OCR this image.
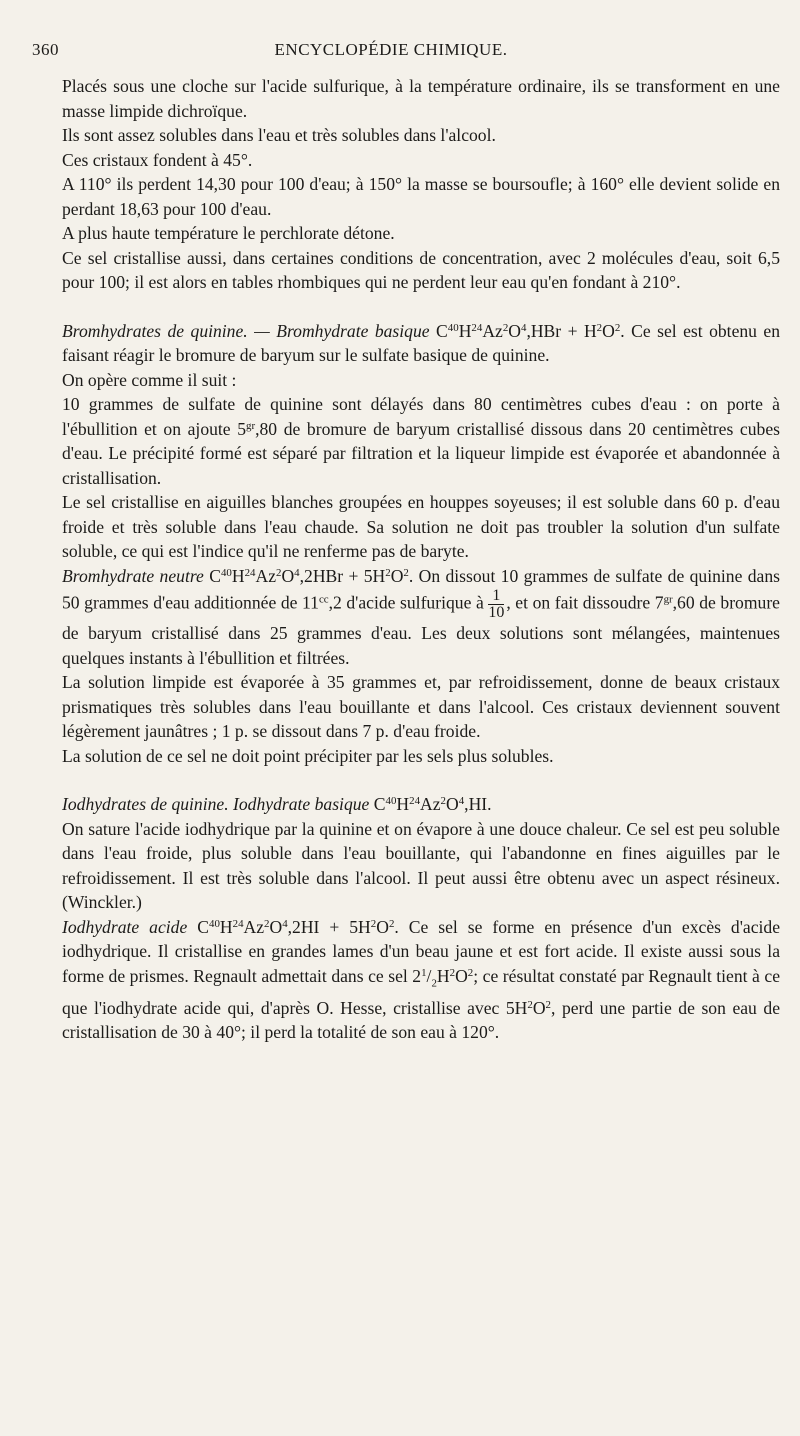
360	ENCYCLOPÉDIE CHIMIQUE.

Placés sous une cloche sur l'acide sulfurique, à la température ordinaire, ils se transforment en une masse limpide dichroïque.

Ils sont assez solubles dans l'eau et très solubles dans l'alcool.

Ces cristaux fondent à 45°.

A 110° ils perdent 14,30 pour 100 d'eau; à 150° la masse se boursoufle; à 160° elle devient solide en perdant 18,63 pour 100 d'eau.

A plus haute température le perchlorate détone.

Ce sel cristallise aussi, dans certaines conditions de concentration, avec 2 molécules d'eau, soit 6,5 pour 100; il est alors en tables rhombiques qui ne perdent leur eau qu'en fondant à 210°.

Bromhydrates de quinine. — Bromhydrate basique $C^{40}H^{24}Az^2O^4,HBr + H^2O^2$. Ce sel est obtenu en faisant réagir le bromure de baryum sur le sulfate basique de quinine.

On opère comme il suit :

10 grammes de sulfate de quinine sont délayés dans 80 centimètres cubes d'eau : on porte à l'ébullition et on ajoute $5^{gr},80$ de bromure de baryum cristallisé dissous dans 20 centimètres cubes d'eau. Le précipité formé est séparé par filtration et la liqueur limpide est évaporée et abandonnée à cristallisation.

Le sel cristallise en aiguilles blanches groupées en houppes soyeuses; il est soluble dans 60 p. d'eau froide et très soluble dans l'eau chaude. Sa solution ne doit pas troubler la solution d'un sulfate soluble, ce qui est l'indice qu'il ne renferme pas de baryte.

Bromhydrate neutre $C^{40}H^{24}Az^2O^4,2HBr + 5H^2O^2$. On dissout 10 grammes de sulfate de quinine dans 50 grammes d'eau additionnée de $11^{cc},2$ d'acide sulfurique à $\frac{1}{10}$ , et on fait dissoudre $7^{gr},60$ de bromure de baryum cristallisé dans 25 grammes d'eau. Les deux solutions sont mélangées, maintenues quelques instants à l'ébullition et filtrées.

La solution limpide est évaporée à 35 grammes et, par refroidissement, donne de beaux cristaux prismatiques très solubles dans l'eau bouillante et dans l'alcool. Ces cristaux deviennent souvent légèrement jaunâtres ; 1 p. se dissout dans 7 p. d'eau froide.

La solution de ce sel ne doit point précipiter par les sels plus solubles.

Iodhydrates de quinine. Iodhydrate basique $C^{40}H^{24}Az^2O^4,HI$.

On sature l'acide iodhydrique par la quinine et on évapore à une douce chaleur. Ce sel est peu soluble dans l'eau froide, plus soluble dans l'eau bouillante, qui l'abandonne en fines aiguilles par le refroidissement. Il est très soluble dans l'alcool. Il peut aussi être obtenu avec un aspect résineux. (Winckler.)

Iodhydrate acide $C^{40}H^{24}Az^2O^4,2HI + 5H^2O^2$. Ce sel se forme en présence d'un excès d'acide iodhydrique. Il cristallise en grandes lames d'un beau jaune et est fort acide. Il existe aussi sous la forme de prismes. Regnault admettait dans ce sel $2^1/_2H^2O^2$; ce résultat constaté par Regnault tient à ce que l'iodhydrate acide qui, d'après O. Hesse, cristallise avec $5H^2O^2$, perd une partie de son eau de cristallisation de 30 à 40°; il perd la totalité de son eau à 120°.
